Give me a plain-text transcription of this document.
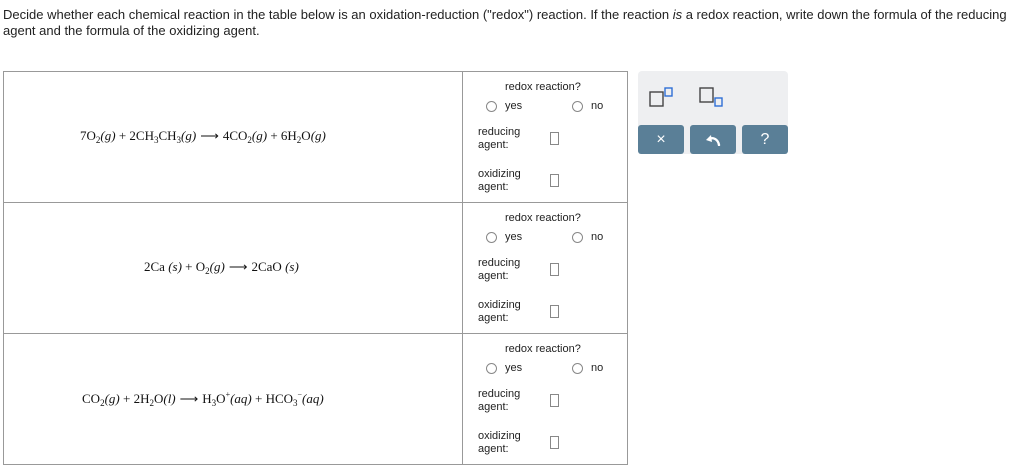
Decide whether each chemical reaction in the table below is an oxidation-reduction ("redox") reaction. If the reaction is a redox reaction, write down the formula of the reducing agent and the formula of the oxidizing agent.
$7O_2(g) + 2CH_3CH_3(g)$ ⟶ $4CO_2(g) + 6H_2O(g)$
redox reaction?
yes	no
reducing
agent:
oxidizing
agent:
2Ca $(s) + O_2(g)$ ⟶ 2CaO (s)
redox reaction?
yes	no
reducing
agent:
oxidizing
agent:
$CO_2(g) + 2H_2O(l)$ ⟶ $H_3O^+(aq) + HCO_3^-(aq)$
redox reaction?
yes	no
reducing
agent:
oxidizing
agent:
×	?
